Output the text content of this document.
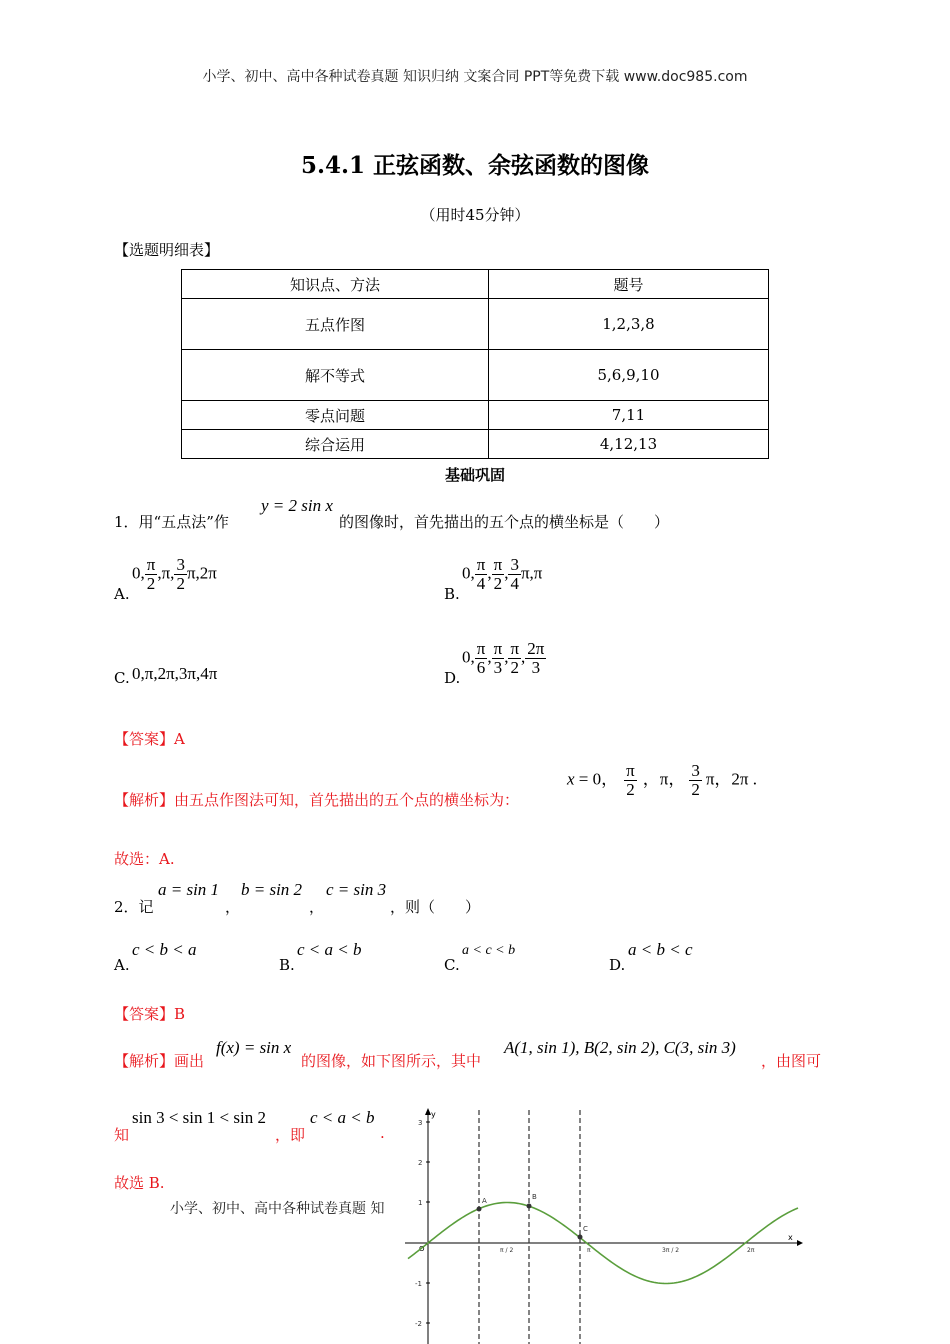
小学、初中、高中各种试卷真题 知识归纳 文案合同 PPT等免费下载 www.doc985.com
5.4.1 正弦函数、余弦函数的图像
（用时45分钟）
【选题明细表】
知识点、方法	题号
五点作图	1,2,3,8
解不等式	5,6,9,10
零点问题	7,11
综合运用	4,12,13
基础巩固
1．用“五点法”作
y = 2 sin x
的图像时，首先描出的五个点的横坐标是（　　）
A.
0, $\frac{\pi}{2} ,\pi$, $\frac{3}{2} \pi,2\pi$
B.
0, $\frac{\pi}{4}$ , $\frac{\pi}{2}$ , $\frac{3}{4} \pi,\pi$
C. 0,π,2π,3π,4π	D.
0, $\frac{\pi}{6}$ , $\frac{\pi}{3}$ , $\frac{\pi}{2}$ , $\frac{2\pi}{3}$
【答案】A
【解析】由五点作图法可知，首先描出的五个点的横坐标为：
x = 0， $\frac{\pi}{2}$ ，π， $\frac{3}{2}$ π，2π .
故选：A.
2．记
a = sin 1
，
b = sin 2
，
c = sin 3
，则（　　）
A.
c < b < a
B.
c < a < b
C.
a < c < b
D.
a < b < c
【答案】B
【解析】画出
f(x) = sin x
的图像，如下图所示，其中
A(1, sin 1), B(2, sin 2), C(3, sin 3)
，由图可
知
sin 3 < sin 1 < sin 2
，即
c < a < b
.
故选 B.
小学、初中、高中各种试卷真题 知
x
y
O
3
2
1
-1
-2
π / 2	π	3π / 2	2π
A	B
C
